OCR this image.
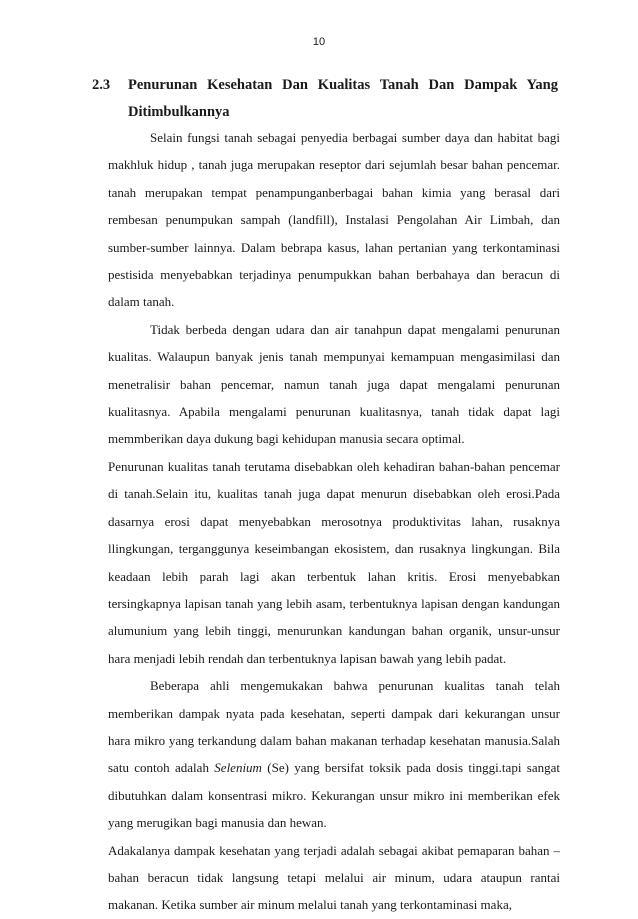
10
2.3	Penurunan Kesehatan Dan Kualitas Tanah Dan Dampak Yang Ditimbulkannya

Selain fungsi tanah sebagai penyedia berbagai sumber daya dan habitat bagi makhluk hidup , tanah juga merupakan reseptor dari sejumlah besar bahan pencemar. tanah merupakan tempat penampunganberbagai bahan kimia yang berasal dari rembesan penumpukan sampah (landfill), Instalasi Pengolahan Air Limbah, dan sumber-sumber lainnya. Dalam bebrapa kasus, lahan pertanian yang terkontaminasi pestisida menyebabkan terjadinya penumpukkan bahan berbahaya dan beracun di dalam tanah.

Tidak berbeda dengan udara dan air tanahpun dapat mengalami penurunan kualitas. Walaupun banyak jenis tanah mempunyai kemampuan mengasimilasi dan menetralisir bahan pencemar, namun tanah juga dapat mengalami penurunan kualitasnya. Apabila mengalami penurunan kualitasnya, tanah tidak dapat lagi memmberikan daya dukung bagi kehidupan manusia secara optimal.

Penurunan kualitas tanah terutama disebabkan oleh kehadiran bahan-bahan pencemar di tanah.Selain itu, kualitas tanah juga dapat menurun disebabkan oleh erosi.Pada dasarnya erosi dapat menyebabkan merosotnya produktivitas lahan, rusaknya llingkungan, terganggunya keseimbangan ekosistem, dan rusaknya lingkungan. Bila keadaan lebih parah lagi akan terbentuk lahan kritis. Erosi menyebabkan tersingkapnya lapisan tanah yang lebih asam, terbentuknya lapisan dengan kandungan alumunium yang lebih tinggi, menurunkan kandungan bahan organik, unsur-unsur hara menjadi lebih rendah dan terbentuknya lapisan bawah yang lebih padat.

Beberapa ahli mengemukakan bahwa penurunan kualitas tanah telah memberikan dampak nyata pada kesehatan, seperti dampak dari kekurangan unsur hara mikro yang terkandung dalam bahan makanan terhadap kesehatan manusia.Salah satu contoh adalah Selenium (Se) yang bersifat toksik pada dosis tinggi.tapi sangat dibutuhkan dalam konsentrasi mikro. Kekurangan unsur mikro ini memberikan efek yang merugikan bagi manusia dan hewan.

Adakalanya dampak kesehatan yang terjadi adalah sebagai akibat pemaparan bahan – bahan beracun tidak langsung tetapi melalui air minum, udara ataupun rantai makanan. Ketika sumber air minum melalui tanah yang terkontaminasi maka,
